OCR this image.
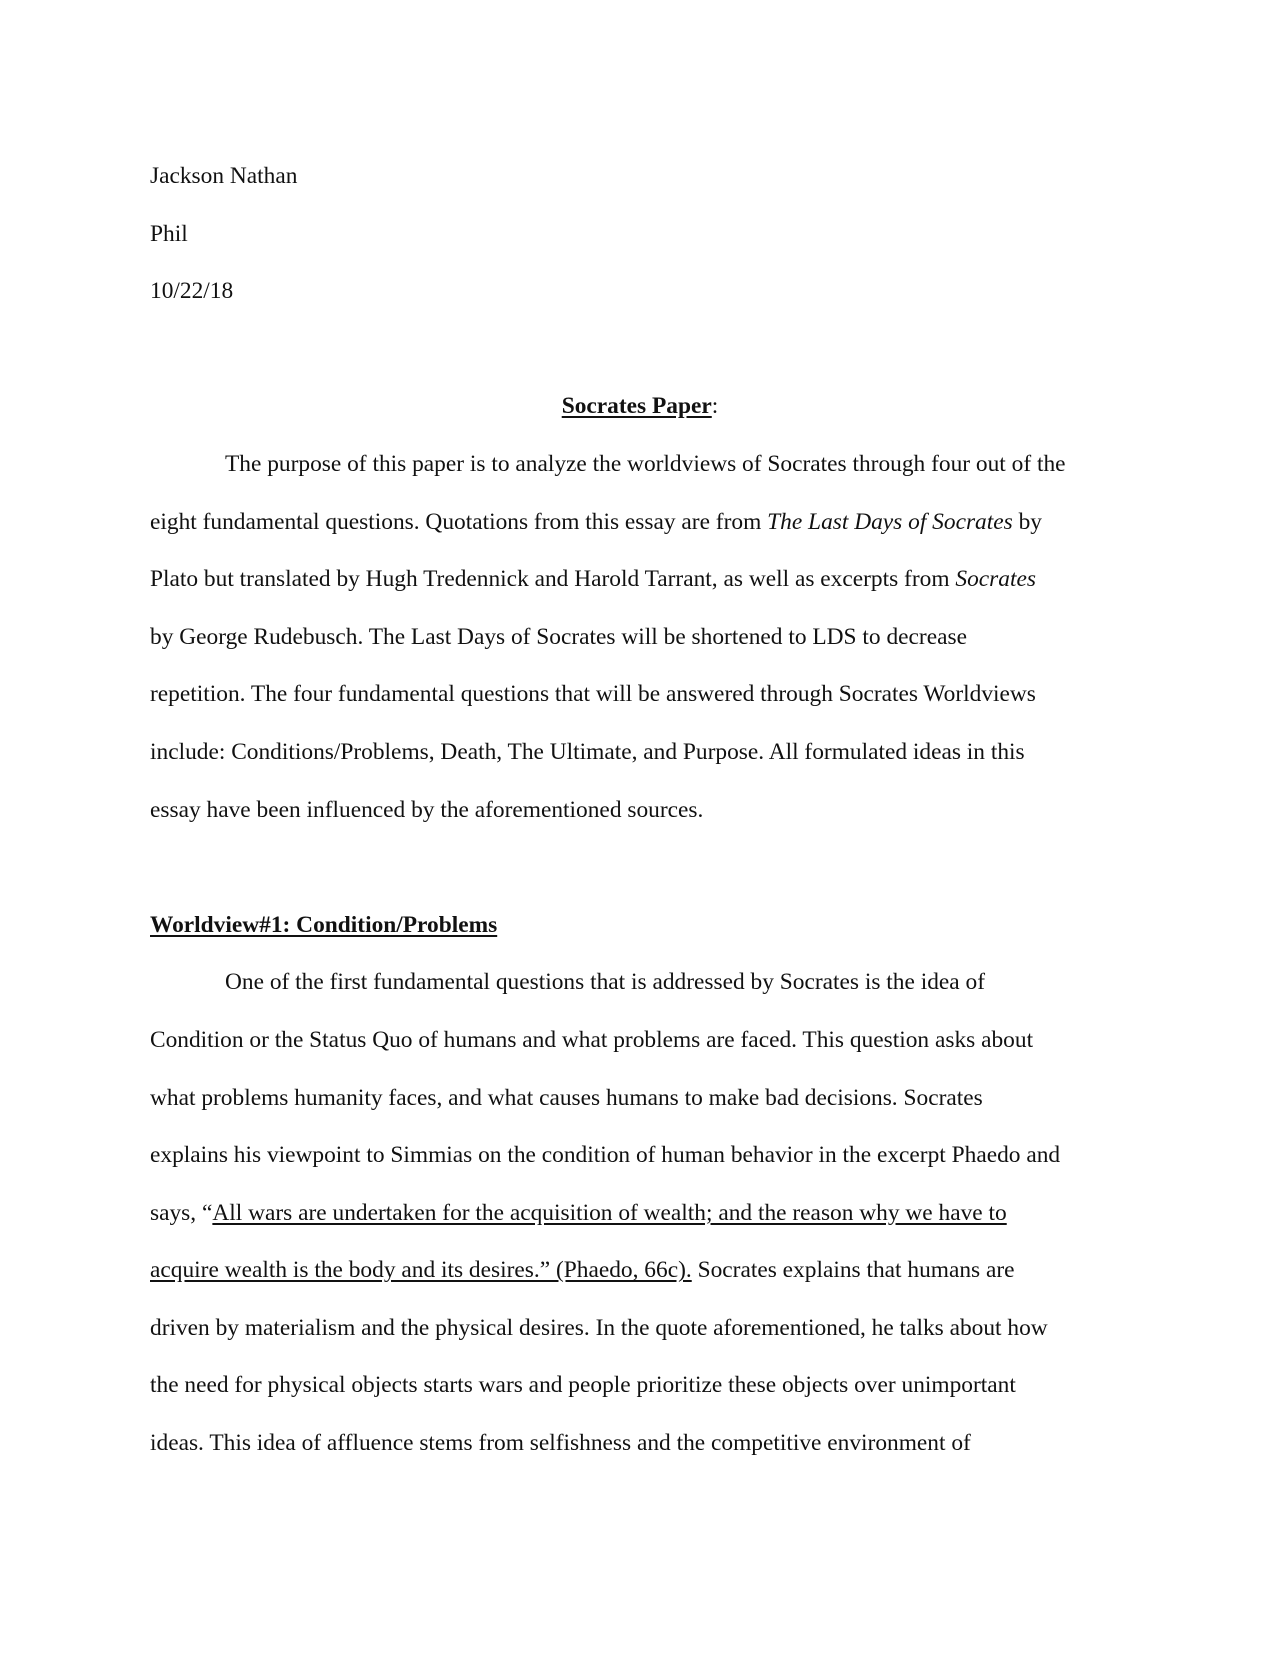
Jackson Nathan
Phil
10/22/18
Socrates Paper:
The purpose of this paper is to analyze the worldviews of Socrates through four out of the
eight fundamental questions. Quotations from this essay are from The Last Days of Socrates by
Plato but translated by Hugh Tredennick and Harold Tarrant, as well as excerpts from Socrates
by George Rudebusch. The Last Days of Socrates will be shortened to LDS to decrease
repetition. The four fundamental questions that will be answered through Socrates Worldviews
include: Conditions/Problems, Death, The Ultimate, and Purpose. All formulated ideas in this
essay have been influenced by the aforementioned sources.
Worldview#1: Condition/Problems
One of the first fundamental questions that is addressed by Socrates is the idea of
Condition or the Status Quo of humans and what problems are faced. This question asks about
what problems humanity faces, and what causes humans to make bad decisions. Socrates
explains his viewpoint to Simmias on the condition of human behavior in the excerpt Phaedo and
says, “All wars are undertaken for the acquisition of wealth; and the reason why we have to
acquire wealth is the body and its desires.” (Phaedo, 66c). Socrates explains that humans are
driven by materialism and the physical desires. In the quote aforementioned, he talks about how
the need for physical objects starts wars and people prioritize these objects over unimportant
ideas. This idea of affluence stems from selfishness and the competitive environment of
